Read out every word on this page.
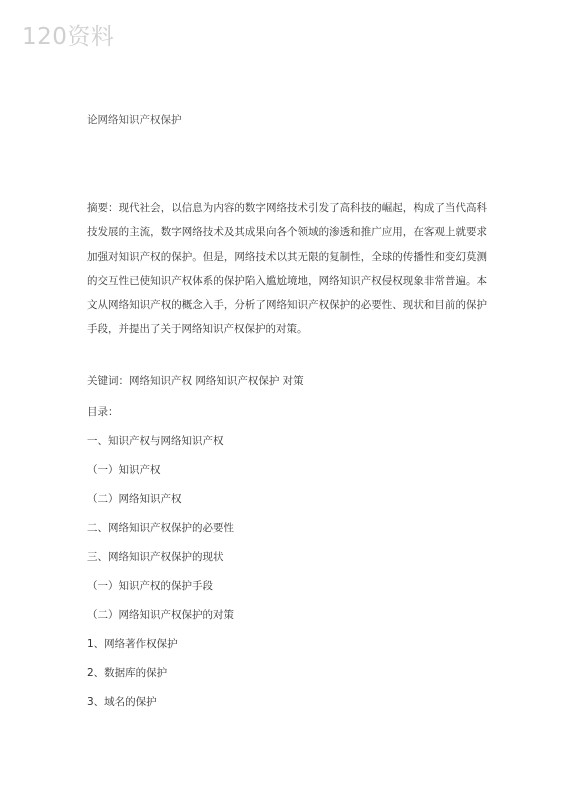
120资料
论网络知识产权保护
摘要：现代社会，以信息为内容的数字网络技术引发了高科技的崛起，构成了当代高科技发展的主流，数字网络技术及其成果向各个领域的渗透和推广应用，在客观上就要求加强对知识产权的保护。但是，网络技术以其无限的复制性，全球的传播性和变幻莫测的交互性已使知识产权体系的保护陷入尴尬境地，网络知识产权侵权现象非常普遍。本文从网络知识产权的概念入手，分析了网络知识产权保护的必要性、现状和目前的保护手段，并提出了关于网络知识产权保护的对策。
关键词：网络知识产权 网络知识产权保护 对策
目录：
一、知识产权与网络知识产权
（一）知识产权
（二）网络知识产权
二、网络知识产权保护的必要性
三、网络知识产权保护的现状
（一）知识产权的保护手段
（二）网络知识产权保护的对策
1、网络著作权保护
2、数据库的保护
3、域名的保护
